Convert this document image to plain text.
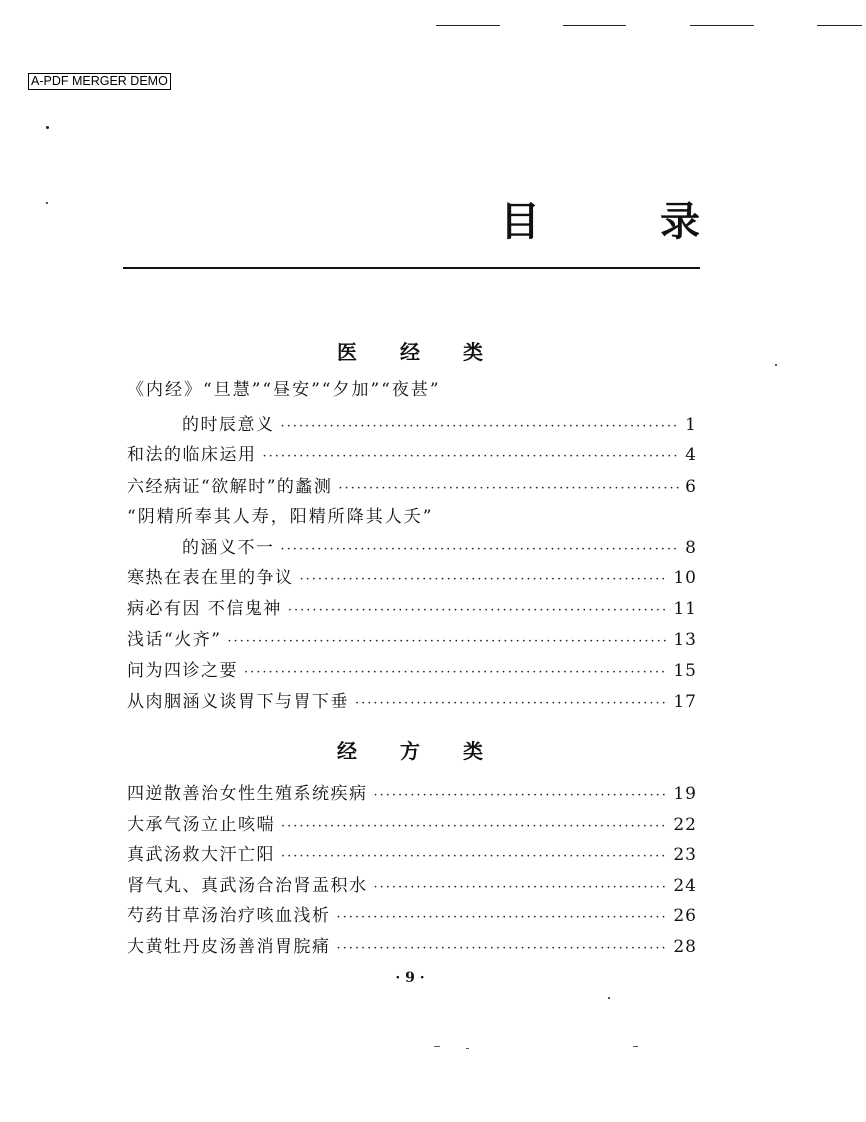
A-PDF MERGER DEMO
目	录
医 经 类
《内经》“旦慧”“昼安”“夕加”“夜甚”
的时辰意义 ·····	1
和法的临床运用 ·····	4
六经病证“欲解时”的蠡测 ·····	6
“阴精所奉其人寿，阳精所降其人夭”
的涵义不一 ·····	8
寒热在表在里的争议 ·····	10
病必有因 不信鬼神 ·····	11
浅话“火齐” ·····	13
问为四诊之要 ·····	15
从肉胭涵义谈胃下与胃下垂 ·····	17
经 方 类
四逆散善治女性生殖系统疾病 ·····	19
大承气汤立止咳喘 ·····	22
真武汤救大汗亡阳 ·····	23
肾气丸、真武汤合治肾盂积水 ·····	24
芍药甘草汤治疗咳血浅析 ·····	26
大黄牡丹皮汤善消胃脘痛 ·····	28
· 9 ·
